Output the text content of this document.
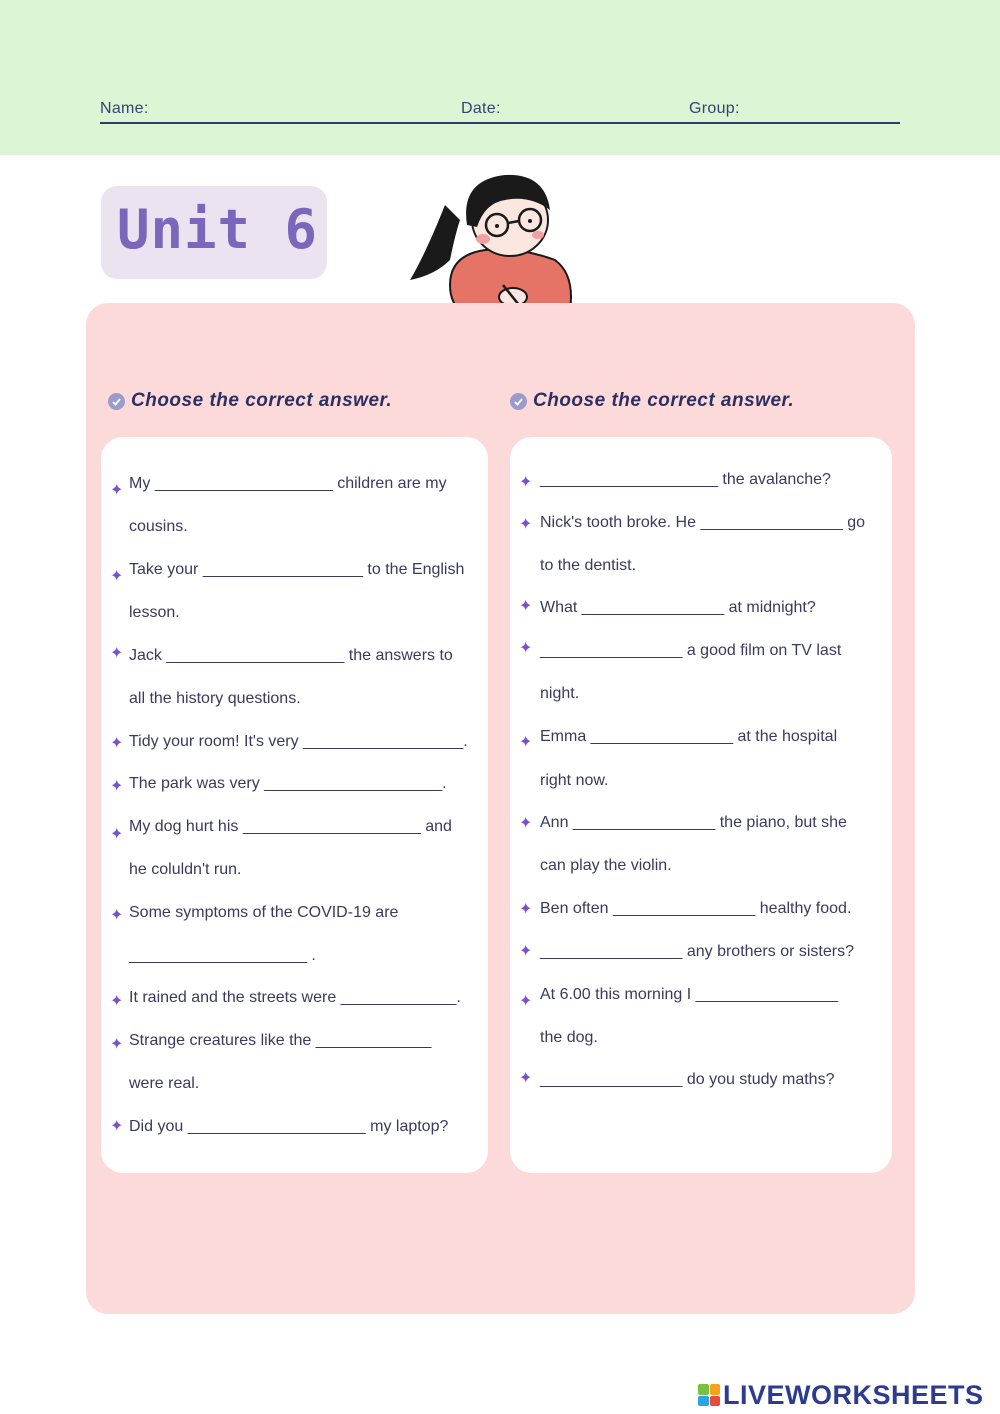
Name:	Date:	Group:
Unit 6
Choose the correct answer.	Choose the correct answer.
✦ My ____________________ children are my
cousins.
✦ Take your __________________ to the English
lesson.
✦ Jack ____________________ the answers to
all the history questions.
✦ Tidy your room! It's very __________________.
✦ The park was very ____________________.
✦ My dog hurt his ____________________ and
he coluldn't run.
✦ Some symptoms of the COVID-19 are
____________________ .
✦ It rained and the streets were _____________.
✦ Strange creatures like the _____________
were real.
✦ Did you ____________________ my laptop?
✦ ____________________ the avalanche?
✦ Nick's tooth broke. He ________________ go
to the dentist.
✦ What ________________ at midnight?
✦ ________________ a good film on TV last
night.
✦ Emma ________________ at the hospital
right now.
✦ Ann ________________ the piano, but she
can play the violin.
✦ Ben often ________________ healthy food.
✦ ________________ any brothers or sisters?
✦ At 6.00 this morning I ________________
the dog.
✦ ________________ do you study maths?
LIVEWORKSHEETS
